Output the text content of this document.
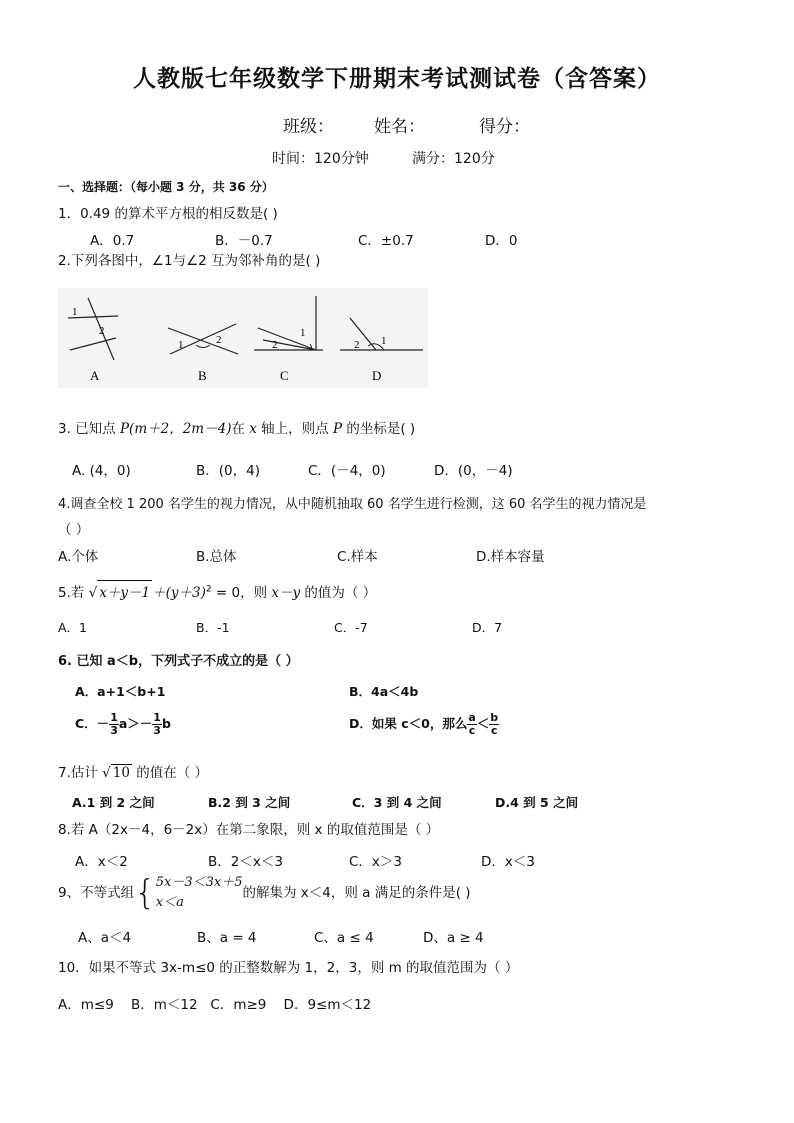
人教版七年级数学下册期末考试测试卷（含答案）
班级： 姓名：	得分：
时间：120分钟	满分：120分
一、选择题：（每小题 3 分，共 36 分）
1．0.49 的算术平方根的相反数是( )
A．0.7	B．－0.7	C．±0.7	D．0
2.下列各图中，∠1与∠2 互为邻补角的是( )
1
2
A
1	2
B
1
2
C
2 1
D
3. 已知点 P(m＋2，2m－4)在 x 轴上，则点 P 的坐标是( )
A. (4，0)	B．(0，4)	C．(－4，0)	D．(0，－4)
4.调查全校 1 200 名学生的视力情况，从中随机抽取 60 名学生进行检测，这 60 名学生的视力情况是
（ ）
A.个体	B.总体	C.样本	D.样本容量
5.若 √ $x+y-1 +(y+3)^2 = 0$，则 x－y 的值为（ ）
A．1	B．-1	C．-7	D．7
6. 已知 a＜b，下列式子不成立的是（ ）
A．a+1＜b+1	B．4a＜4b
C．－ $\frac{1}{3} a>- \frac{1}{3}$ b	D．如果 c＜0，那么 $\frac{a}{c} < \frac{b}{c}$
7.估计 √ 10 的值在（ ）
A.1 到 2 之间	B.2 到 3 之间	C．3 到 4 之间	D.4 到 5 之间
8.若 A（2x－4，6－2x）在第二象限，则 x 的取值范围是（ ）
A．x＜2	B．2＜x＜3	C．x＞3	D．x＜3
9、不等式组{ 5x－3＜3x＋5
x＜a
的解集为 x＜4，则 a 满足的条件是( )
A、a＜4	B、a = 4	C、a ≤ 4	D、a ≥ 4
10．如果不等式 3x-m≤0 的正整数解为 1，2，3，则 m 的取值范围为（ ）
A．m≤9    B．m＜12   C．m≥9    D．9≤m＜12
